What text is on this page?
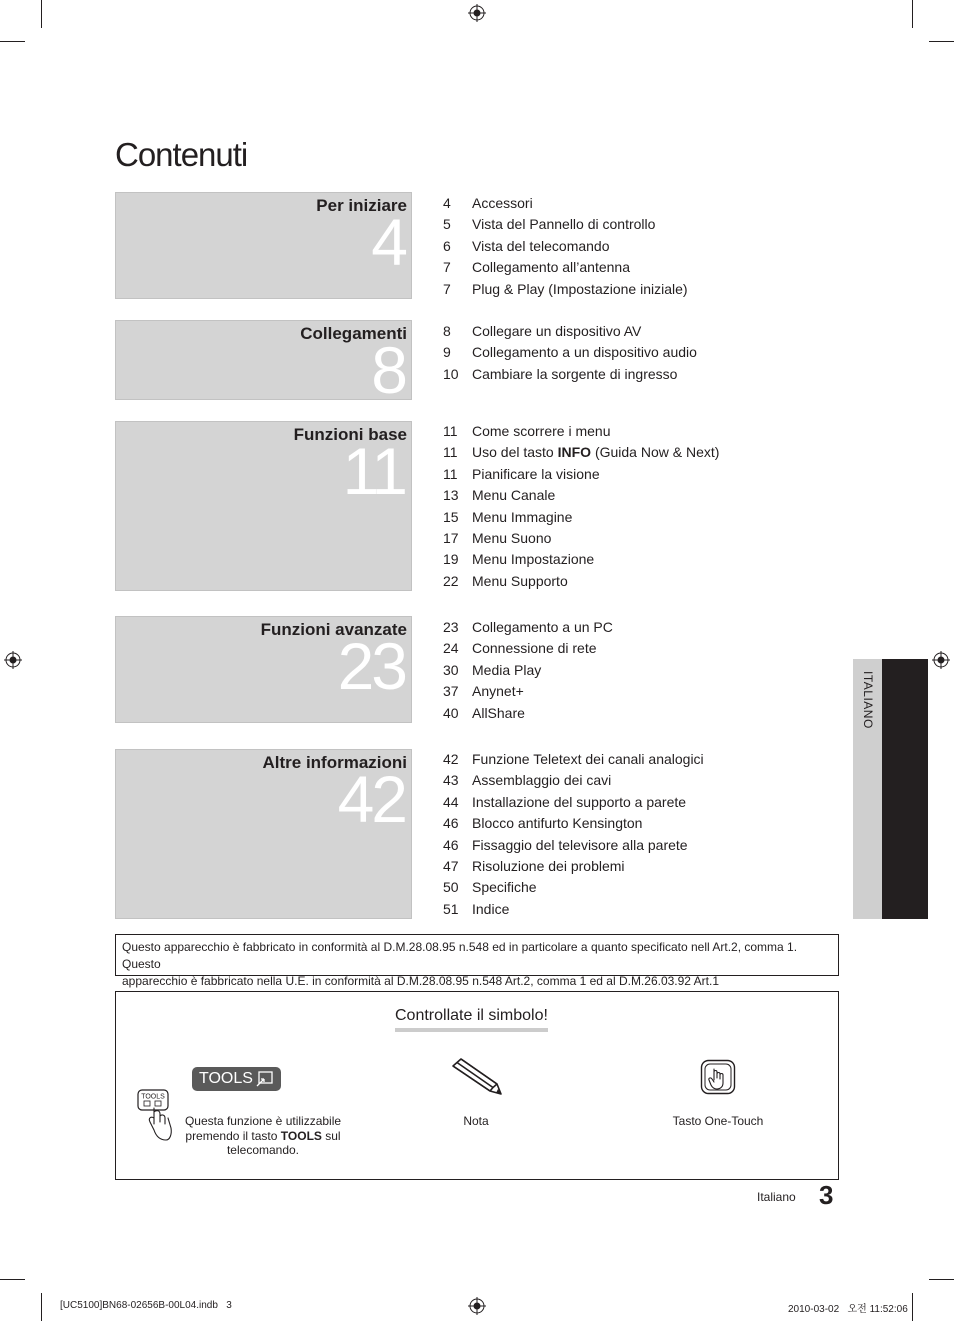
Contenuti
Per iniziare
4
4	Accessori
5	Vista del Pannello di controllo
6	Vista del telecomando
7	Collegamento all’antenna
7	Plug & Play (Impostazione iniziale)
Collegamenti
8
8	Collegare un dispositivo AV
9	Collegamento a un dispositivo audio
10 Cambiare la sorgente di ingresso
Funzioni base
11
11	Come scorrere i menu
11	Uso del tasto INFO (Guida Now & Next)
11	Pianificare la visione
13 Menu Canale
15 Menu Immagine
17 Menu Suono
19 Menu Impostazione
22 Menu Supporto
Funzioni avanzate
23
23 Collegamento a un PC
24 Connessione di rete
30 Media Play
37 Anynet+
40 AllShare
Altre informazioni
42
42 Funzione Teletext dei canali analogici
43 Assemblaggio dei cavi
44 Installazione del supporto a parete
46 Blocco antifurto Kensington
46 Fissaggio del televisore alla parete
47 Risoluzione dei problemi
50 Specifiche
51 Indice
ITALIANO
Questo apparecchio è fabbricato in conformità al D.M.28.08.95 n.548 ed in particolare a quanto specificato nell Art.2, comma 1. Questo
apparecchio è fabbricato nella U.E. in conformità al D.M.28.08.95 n.548 Art.2, comma 1 ed al D.M.26.03.92 Art.1
Controllate il simbolo!
TOOLS
TOOLS
Questa funzione è utilizzabile
premendo il tasto TOOLS sul
telecomando.
Nota	Tasto One-Touch
Italiano 3
[UC5100]BN68-02656B-00L04.indb   3	2010-03-02   오전 11:52:06
